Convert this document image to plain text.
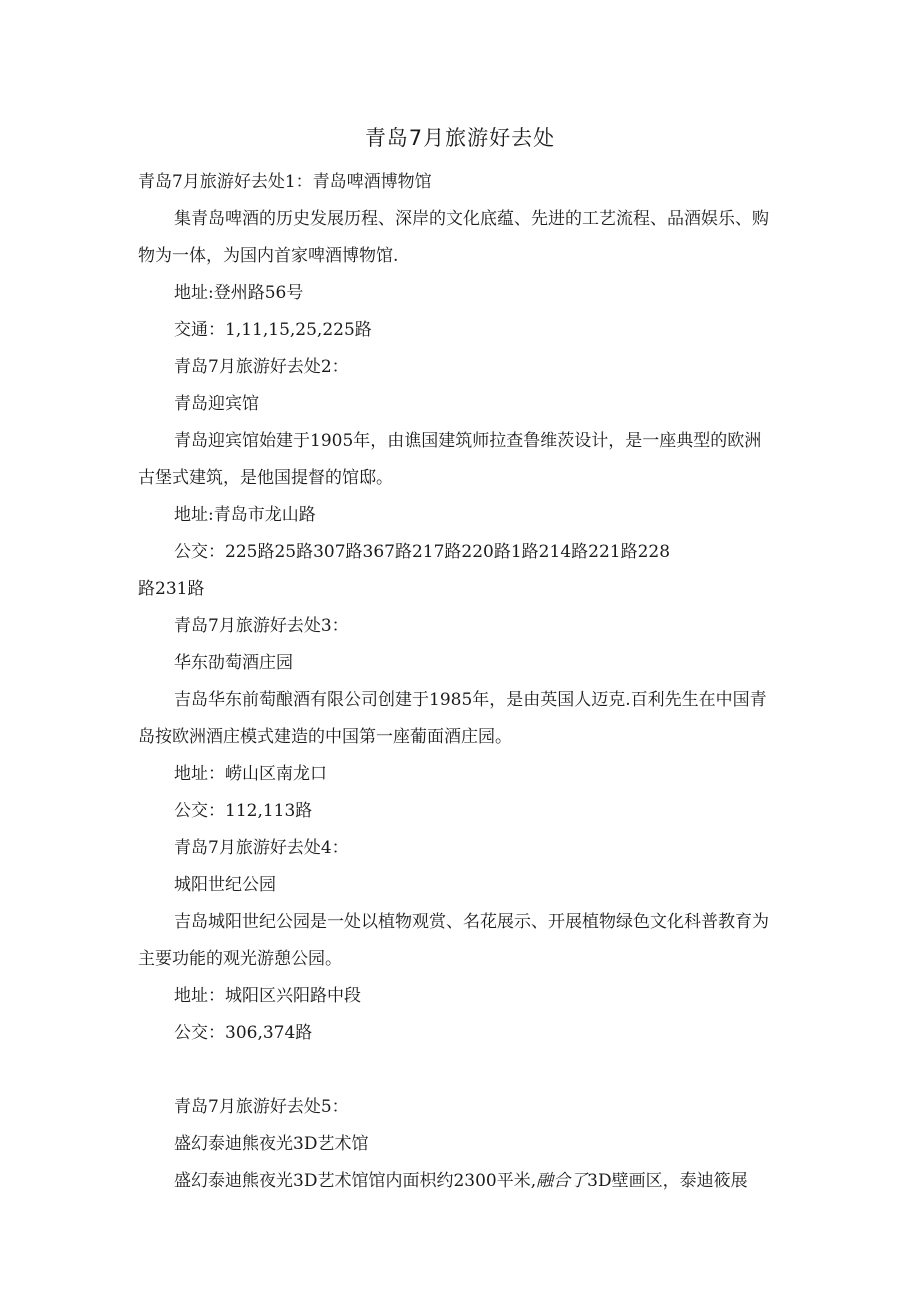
青岛7月旅游好去处

青岛7月旅游好去处1：青岛啤酒博物馆

集青岛啤酒的历史发展历程、深岸的文化底蕴、先进的工艺流程、品酒娱乐、购物为一体，为国内首家啤酒博物馆.

地址:登州路56号

交通：1,11,15,25,225路

青岛7月旅游好去处2：

青岛迎宾馆

青岛迎宾馆始建于1905年，由谯国建筑师拉查鲁维茨设计，是一座典型的欧洲古堡式建筑，是他国提督的馆邸。

地址:青岛市龙山路

公交：225路25路307路367路217路220路1路214路221路228

路231路

青岛7月旅游好去处3：

华东劭萄酒庄园

吉岛华东前萄酿酒有限公司创建于1985年，是由英国人迈克.百利先生在中国青岛按欧洲酒庄模式建造的中国第一座葡面酒庄园。

地址：崂山区南龙口

公交：112,113路

青岛7月旅游好去处4：

城阳世纪公园

吉岛城阳世纪公园是一处以植物观赏、名花展示、开展植物绿色文化科普教育为主要功能的观光游憩公园。

地址：城阳区兴阳路中段

公交：306,374路

青岛7月旅游好去处5：

盛幻泰迪熊夜光3D艺术馆

盛幻泰迪熊夜光3D艺术馆馆内面枳约2300平米,融合了3D壁画区，泰迪筱展
